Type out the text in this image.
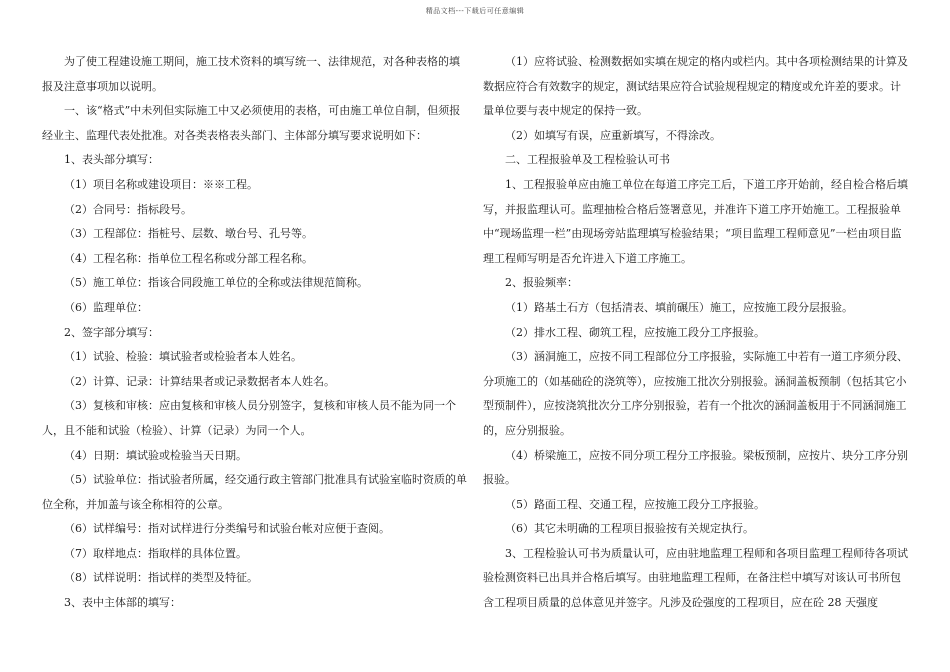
精品文档---下载后可任意编辑

为了使工程建设施工期间，施工技术资料的填写统一、法律规范，对各种表格的填报及注意事项加以说明。

一、该“格式”中未列但实际施工中又必须使用的表格，可由施工单位自制，但须报经业主、监理代表处批准。对各类表格表头部门、主体部分填写要求说明如下：

1、表头部分填写：

（1）项目名称或建设项目：※※工程。

（2）合同号：指标段号。

（3）工程部位：指桩号、层数、墩台号、孔号等。

（4）工程名称：指单位工程名称或分部工程名称。

（5）施工单位：指该合同段施工单位的全称或法律规范简称。

（6）监理单位：

2、签字部分填写：

（1）试验、检验：填试验者或检验者本人姓名。

（2）计算、记录：计算结果者或记录数据者本人姓名。

（3）复核和审核：应由复核和审核人员分别签字，复核和审核人员不能为同一个人，且不能和试验（检验）、计算（记录）为同一个人。

（4）日期：填试验或检验当天日期。

（5）试验单位：指试验者所属，经交通行政主管部门批准具有试验室临时资质的单位全称，并加盖与该全称相符的公章。

（6）试样编号：指对试样进行分类编号和试验台帐对应便于查阅。

（7）取样地点：指取样的具体位置。

（8）试样说明：指试样的类型及特征。

3、表中主体部的填写：

（1）应将试验、检测数据如实填在规定的格内或栏内。其中各项检测结果的计算及数据应符合有效数字的规定，测试结果应符合试验规程规定的精度或允许差的要求。计量单位要与表中规定的保持一致。

（2）如填写有误，应重新填写，不得涂改。

二、工程报验单及工程检验认可书

1、工程报验单应由施工单位在每道工序完工后，下道工序开始前，经自检合格后填写，并报监理认可。监理抽检合格后签署意见，并准许下道工序开始施工。工程报验单中“现场监理一栏”由现场旁站监理填写检验结果；“项目监理工程师意见”一栏由项目监理工程师写明是否允许进入下道工序施工。

2、报验频率：

（1）路基土石方（包括清表、填前碾压）施工，应按施工段分层报验。

（2）排水工程、砌筑工程，应按施工段分工序报验。

（3）涵洞施工，应按不同工程部位分工序报验，实际施工中若有一道工序须分段、分项施工的（如基础砼的浇筑等），应按施工批次分别报验。涵洞盖板预制（包括其它小型预制件），应按浇筑批次分工序分别报验，若有一个批次的涵洞盖板用于不同涵洞施工的，应分别报验。

（4）桥梁施工，应按不同分项工程分工序报验。梁板预制，应按片、块分工序分别报验。

（5）路面工程、交通工程，应按施工段分工序报验。

（6）其它未明确的工程项目报验按有关规定执行。

3、工程检验认可书为质量认可，应由驻地监理工程师和各项目监理工程师待各项试验检测资料已出具并合格后填写。由驻地监理工程师，在备注栏中填写对该认可书所包含工程项目质量的总体意见并签字。凡涉及砼强度的工程项目，应在砼 28 天强度
